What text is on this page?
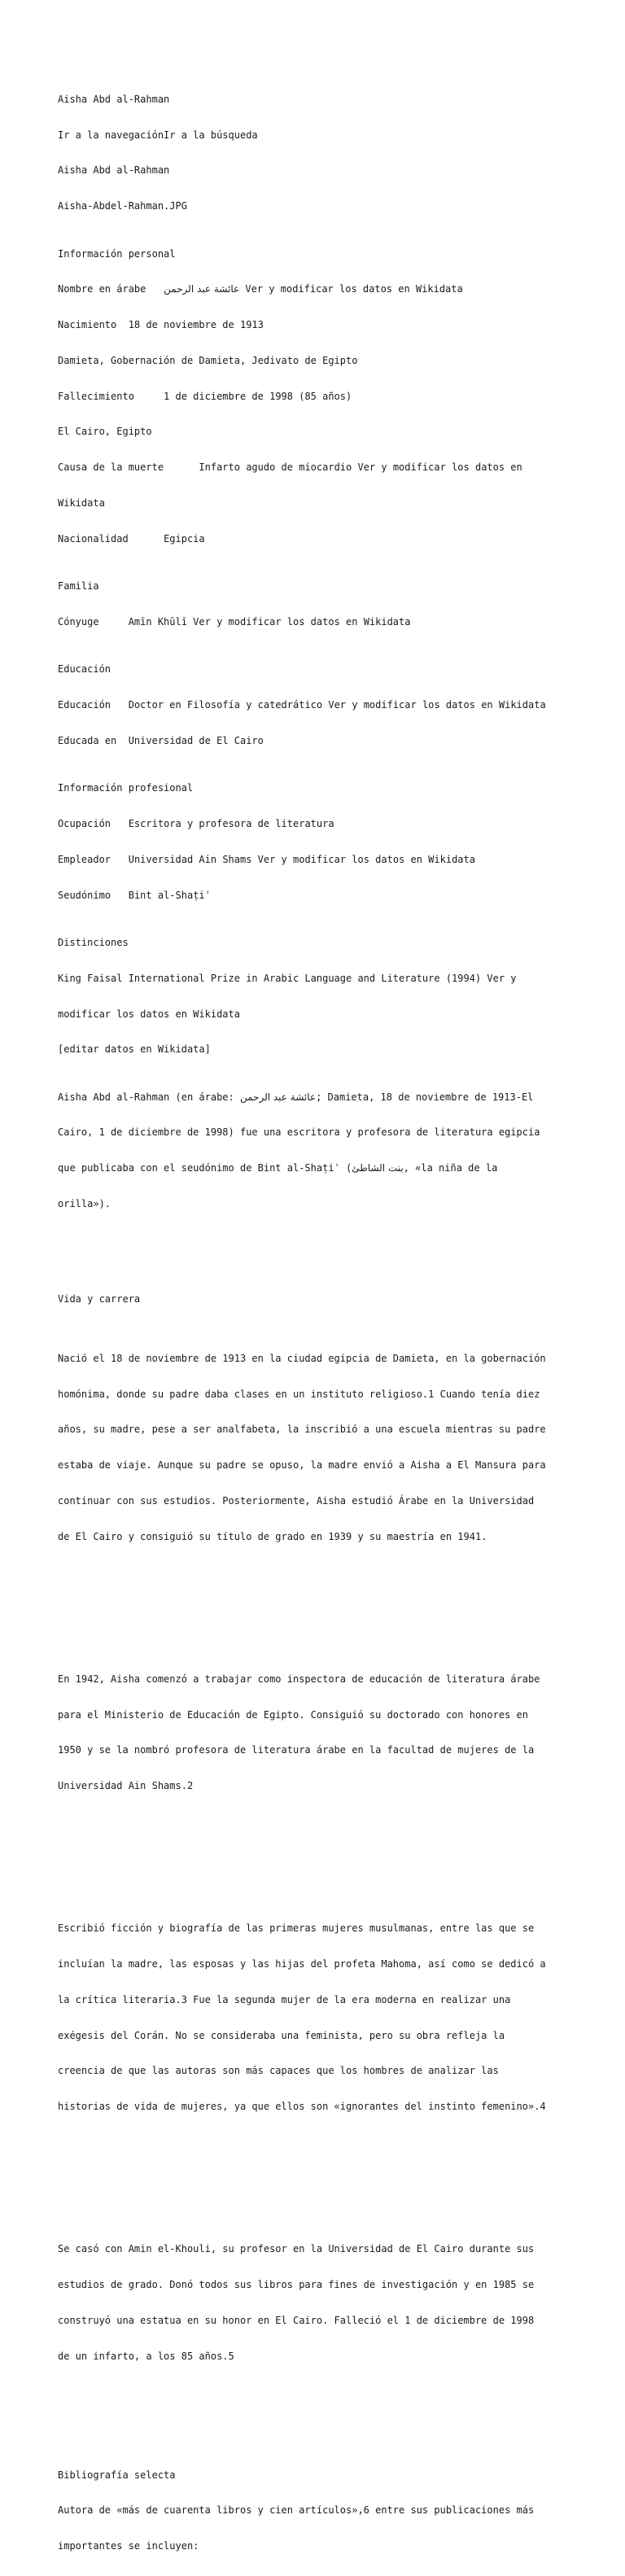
Aisha Abd al-Rahman

Ir a la navegaciónIr a la búsqueda

Aisha Abd al-Rahman

Aisha-Abdel-Rahman.JPG

Información personal

Nombre en árabe عائشة عبد الرحمن Ver y modificar los datos en Wikidata

Nacimiento 18 de noviembre de 1913

Damieta, Gobernación de Damieta, Jedivato de Egipto

Fallecimiento	1 de diciembre de 1998 (85 años)

El Cairo, Egipto

Causa de la muerte	Infarto agudo de miocardio Ver y modificar los datos en

Wikidata

Nacionalidad	Egipcia

Familia

Cónyuge	Amīn Khūlī Ver y modificar los datos en Wikidata

Educación

Educación Doctor en Filosofía y catedrático Ver y modificar los datos en Wikidata

Educada en Universidad de El Cairo

Información profesional

Ocupación Escritora y profesora de literatura

Empleador Universidad Ain Shams Ver y modificar los datos en Wikidata

Seudónimo Bint al-Shaṭiʾ

Distinciones

King Faisal International Prize in Arabic Language and Literature (1994) Ver y

modificar los datos en Wikidata

[editar datos en Wikidata]

Aisha Abd al-Rahman (en árabe: عائشة عبد الرحمن; Damieta, 18 de noviembre de 1913-El

Cairo, 1 de diciembre de 1998) fue una escritora y profesora de literatura egipcia

que publicaba con el seudónimo de Bint al-Shaṭiʾ (بنت الشاطئ, «la niña de la

orilla»).

Vida y carrera

Nació el 18 de noviembre de 1913 en la ciudad egipcia de Damieta, en la gobernación

homónima, donde su padre daba clases en un instituto religioso.1 Cuando tenía diez

años, su madre, pese a ser analfabeta, la inscribió a una escuela mientras su padre

estaba de viaje. Aunque su padre se opuso, la madre envió a Aisha a El Mansura para

continuar con sus estudios. Posteriormente, Aisha estudió Árabe en la Universidad

de El Cairo y consiguió su título de grado en 1939 y su maestría en 1941.

En 1942, Aisha comenzó a trabajar como inspectora de educación de literatura árabe

para el Ministerio de Educación de Egipto. Consiguió su doctorado con honores en

1950 y se la nombró profesora de literatura árabe en la facultad de mujeres de la

Universidad Ain Shams.2

Escribió ficción y biografía de las primeras mujeres musulmanas, entre las que se

incluían la madre, las esposas y las hijas del profeta Mahoma, así como se dedicó a

la crítica literaria.3 Fue la segunda mujer de la era moderna en realizar una

exégesis del Corán. No se consideraba una feminista, pero su obra refleja la

creencia de que las autoras son más capaces que los hombres de analizar las

historias de vida de mujeres, ya que ellos son «ignorantes del instinto femenino».4

Se casó con Amin el-Khouli, su profesor en la Universidad de El Cairo durante sus

estudios de grado. Donó todos sus libros para fines de investigación y en 1985 se

construyó una estatua en su honor en El Cairo. Falleció el 1 de diciembre de 1998

de un infarto, a los 85 años.5

Bibliografía selecta

Autora de «más de cuarenta libros y cien artículos»,6 entre sus publicaciones más

importantes se incluyen:
